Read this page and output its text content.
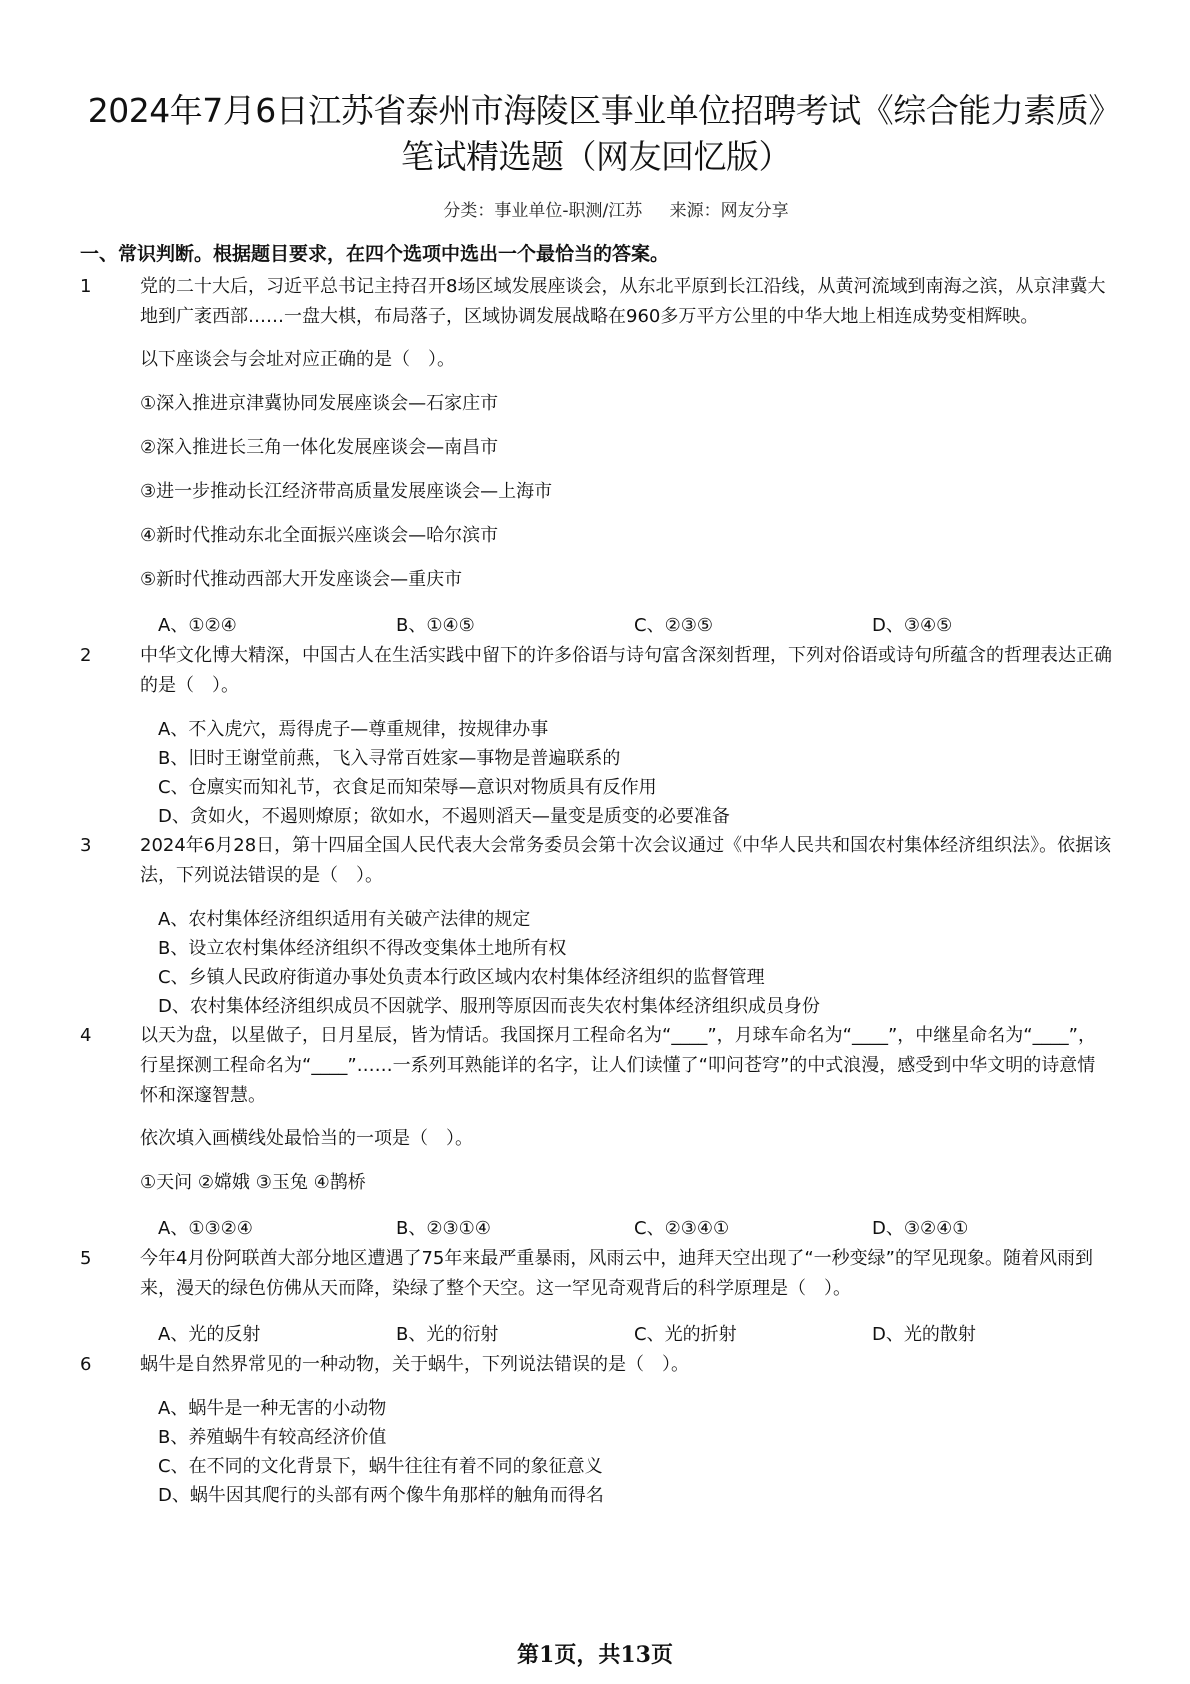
2024年7月6日江苏省泰州市海陵区事业单位招聘考试《综合能力素质》笔试精选题（网友回忆版）
分类：事业单位-职测/江苏 来源：网友分享
一、常识判断。根据题目要求，在四个选项中选出一个最恰当的答案。
1	党的二十大后，习近平总书记主持召开8场区域发展座谈会，从东北平原到长江沿线，从黄河流域到南海之滨，从京津冀大地到广袤西部……一盘大棋，布局落子，区域协调发展战略在960多万平方公里的中华大地上相连成势变相辉映。

以下座谈会与会址对应正确的是（　）。
①深入推进京津冀协同发展座谈会—石家庄市
②深入推进长三角一体化发展座谈会—南昌市
③进一步推动长江经济带高质量发展座谈会—上海市
④新时代推动东北全面振兴座谈会—哈尔滨市
⑤新时代推动西部大开发座谈会—重庆市
A、①②④	B、①④⑤	C、②③⑤	D、③④⑤
2	中华文化博大精深，中国古人在生活实践中留下的许多俗语与诗句富含深刻哲理，下列对俗语或诗句所蕴含的哲理表达正确的是（　）。

A、不入虎穴，焉得虎子—尊重规律，按规律办事
B、旧时王谢堂前燕，飞入寻常百姓家—事物是普遍联系的
C、仓廪实而知礼节，衣食足而知荣辱—意识对物质具有反作用
D、贪如火，不遏则燎原；欲如水，不遏则滔天—量变是质变的必要准备
3	2024年6月28日，第十四届全国人民代表大会常务委员会第十次会议通过《中华人民共和国农村集体经济组织法》。依据该法，下列说法错误的是（　）。

A、农村集体经济组织适用有关破产法律的规定
B、设立农村集体经济组织不得改变集体土地所有权
C、乡镇人民政府街道办事处负责本行政区域内农村集体经济组织的监督管理
D、农村集体经济组织成员不因就学、服刑等原因而丧失农村集体经济组织成员身份
4	以天为盘，以星做子，日月星辰，皆为情话。我国探月工程命名为“____”，月球车命名为“____”，中继星命名为“____”，行星探测工程命名为“____”……一系列耳熟能详的名字，让人们读懂了“叩问苍穹”的中式浪漫，感受到中华文明的诗意情怀和深邃智慧。

依次填入画横线处最恰当的一项是（　）。
①天问 ②嫦娥 ③玉兔 ④鹊桥
A、①③②④	B、②③①④	C、②③④①	D、③②④①
5	今年4月份阿联酋大部分地区遭遇了75年来最严重暴雨，风雨云中，迪拜天空出现了“一秒变绿”的罕见现象。随着风雨到来，漫天的绿色仿佛从天而降，染绿了整个天空。这一罕见奇观背后的科学原理是（　）。

A、光的反射	B、光的衍射	C、光的折射	D、光的散射
6	蜗牛是自然界常见的一种动物，关于蜗牛，下列说法错误的是（　）。

A、蜗牛是一种无害的小动物
B、养殖蜗牛有较高经济价值
C、在不同的文化背景下，蜗牛往往有着不同的象征意义
D、蜗牛因其爬行的头部有两个像牛角那样的触角而得名
第1页，共13页
